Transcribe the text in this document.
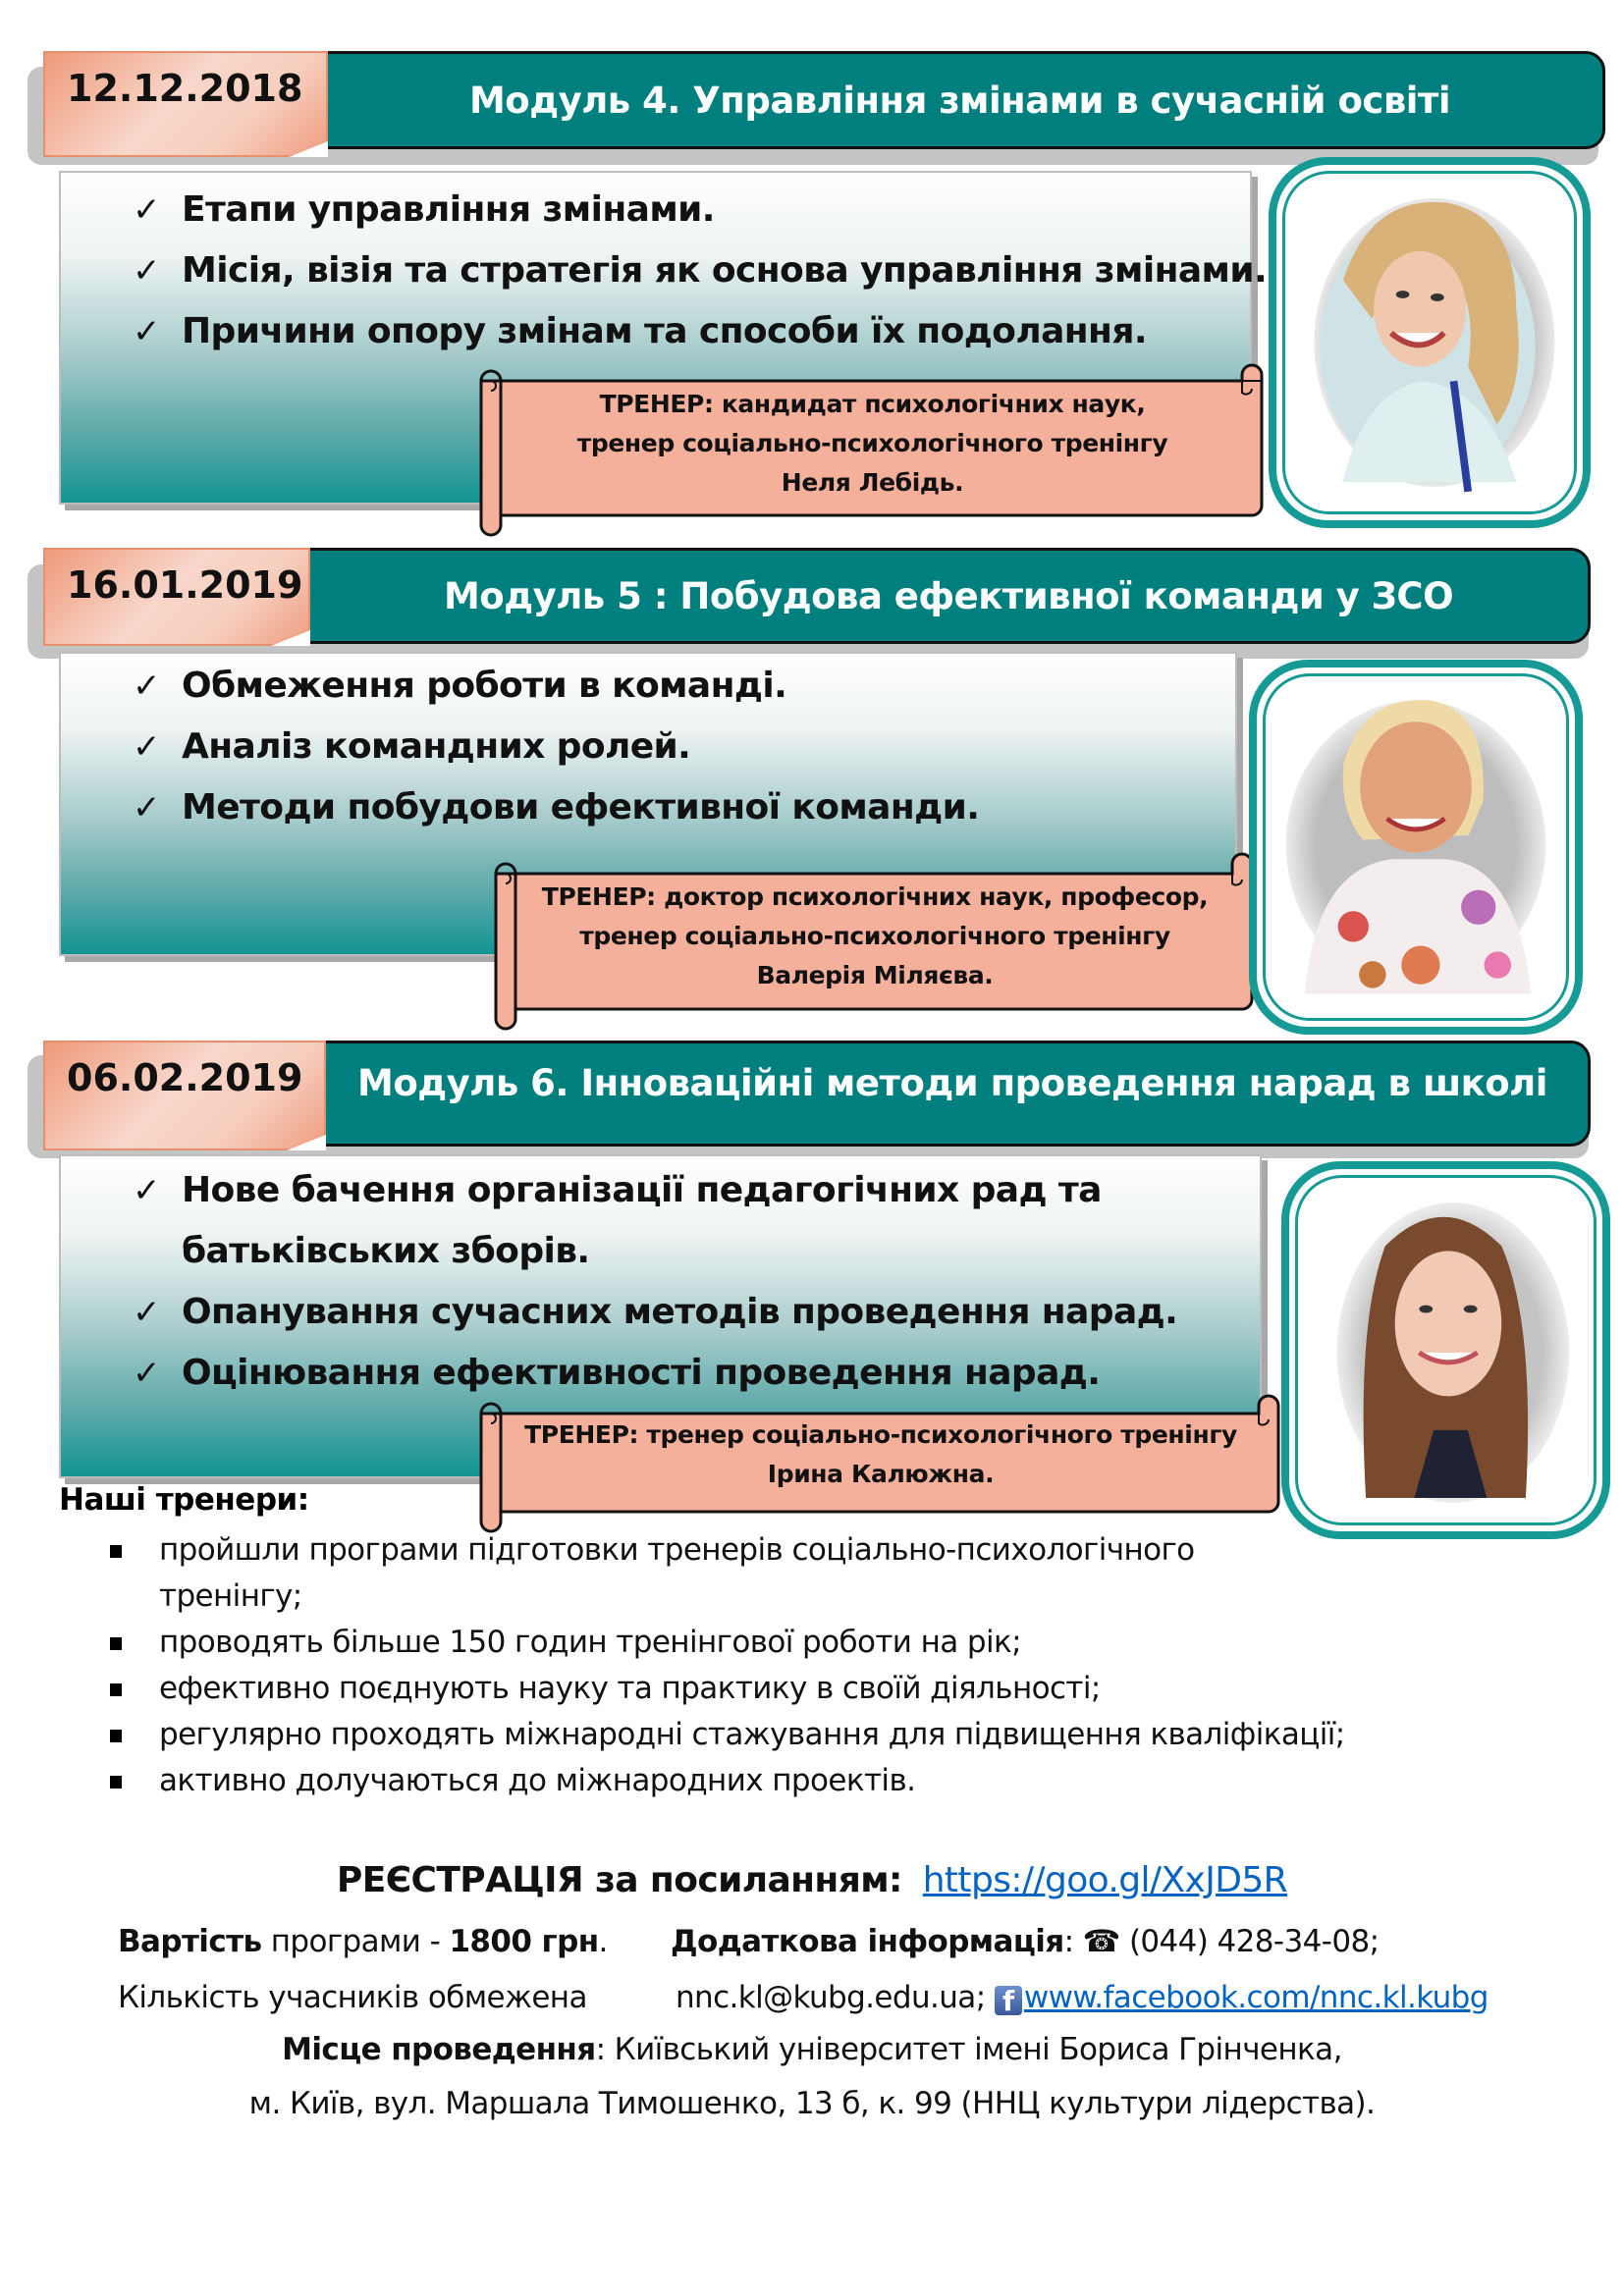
Модуль 4. Управління змінами в сучасній освіті
12.12.2018
✓ Етапи управління змінами.
✓ Місія, візія та стратегія як основа управління змінами.
✓ Причини опору змінам та способи їх подолання.
ТРЕНЕР: кандидат психологічних наук,
тренер соціально-психологічного тренінгу
Неля Лебідь.
Модуль 5 : Побудова ефективної команди у ЗСО
16.01.2019
✓ Обмеження роботи в команді.
✓ Аналіз командних ролей.
✓ Методи побудови ефективної команди.
ТРЕНЕР: доктор психологічних наук, професор,
тренер соціально-психологічного тренінгу
Валерія Міляєва.
Модуль 6. Інноваційні методи проведення нарад в школі
06.02.2019
✓ Нове бачення організації педагогічних рад та
батьківських зборів.
✓ Опанування сучасних методів проведення нарад.
✓ Оцінювання ефективності проведення нарад.
ТРЕНЕР: тренер соціально-психологічного тренінгу
Ірина Калюжна.
Наші тренери:
пройшли програми підготовки тренерів соціально-психологічного
тренінгу;
проводять більше 150 годин тренінгової роботи на рік;
ефективно поєднують науку та практику в своїй діяльності;
регулярно проходять міжнародні стажування для підвищення кваліфікації;
активно долучаються до міжнародних проектів.
РЕЄСТРАЦІЯ за посиланням: https://goo.gl/XxJD5R
Вартість програми - 1800 грн. Додаткова інформація: ☎ (044) 428-34-08;
Кількість учасників обмежена	nnc.kl@kubg.edu.ua; f www.facebook.com/nnc.kl.kubg
Місце проведення: Київський університет імені Бориса Грінченка,
м. Київ, вул. Маршала Тимошенко, 13 б, к. 99 (ННЦ культури лідерства).
